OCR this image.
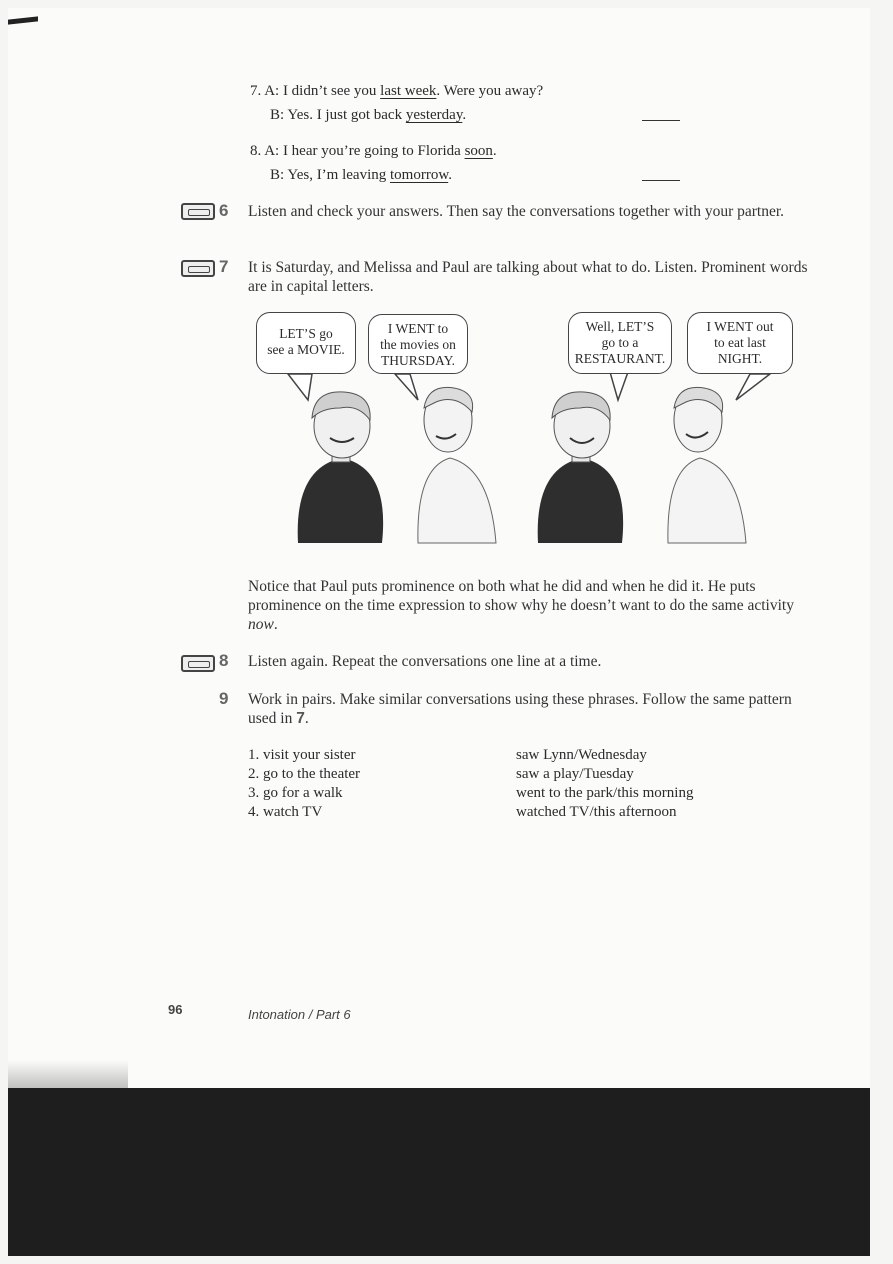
7. A: I didn’t see you last week. Were you away?
B: Yes. I just got back yesterday.
8. A: I hear you’re going to Florida soon.
B: Yes, I’m leaving tomorrow.
6 Listen and check your answers. Then say the conversations together with your partner.
7 It is Saturday, and Melissa and Paul are talking about what to do. Listen. Prominent words are in capital letters.
LET’S go
see a MOVIE.
I WENT to
the movies on
THURSDAY.
Well, LET’S
go to a
RESTAURANT.
I WENT out
to eat last
NIGHT.
Notice that Paul puts prominence on both what he did and when he did it. He puts prominence on the time expression to show why he doesn’t want to do the same activity now.
8 Listen again. Repeat the conversations one line at a time.
9 Work in pairs. Make similar conversations using these phrases. Follow the same pattern used in 7.
1. visit your sister
2. go to the theater
3. go for a walk
4. watch TV
saw Lynn/Wednesday
saw a play/Tuesday
went to the park/this morning
watched TV/this afternoon
96	Intonation / Part 6
